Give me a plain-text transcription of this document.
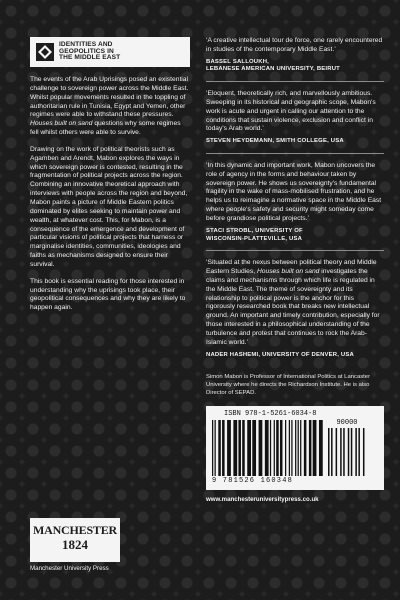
IDENTITIES AND
GEOPOLITICS IN
THE MIDDLE EAST

The events of the Arab Uprisings posed an existential challenge to sovereign power across the Middle East. Whilst popular movements resulted in the toppling of authoritarian rule in Tunisia, Egypt and Yemen, other regimes were able to withstand these pressures. Houses built on sand questions why some regimes fell whilst others were able to survive.

Drawing on the work of political theorists such as Agamben and Arendt, Mabon explores the ways in which sovereign power is contested, resulting in the fragmentation of political projects across the region. Combining an innovative theoretical approach with interviews with people across the region and beyond, Mabon paints a picture of Middle Eastern politics dominated by elites seeking to maintain power and wealth, at whatever cost. This, for Mabon, is a consequence of the emergence and development of particular visions of political projects that harness or marginalise identities, communities, ideologies and faiths as mechanisms designed to ensure their survival.

This book is essential reading for those interested in understanding why the uprisings took place, their geopolitical consequences and why they are likely to happen again.

MANCHESTER
1824
Manchester University Press

‘A creative intellectual tour de force, one rarely encountered in studies of the contemporary Middle East.’

BASSEL SALLOUKH,
LEBANESE AMERICAN UNIVERSITY, BEIRUT

‘Eloquent, theoretically rich, and marvellously ambitious. Sweeping in its historical and geographic scope, Mabon's work is acute and urgent in calling our attention to the conditions that sustain violence, exclusion and conflict in today's Arab world.’

STEVEN HEYDEMANN, SMITH COLLEGE, USA

‘In this dynamic and important work, Mabon uncovers the role of agency in the forms and behaviour taken by sovereign power. He shows us sovereignty's fundamental fragility in the wake of mass-mobilised frustration, and he helps us to reimagine a normative space in the Middle East where people's safety and security might someday come before grandiose political projects.’

STACI STROBL, UNIVERSITY OF
WISCONSIN-PLATTEVILLE, USA

‘Situated at the nexus between political theory and Middle Eastern Studies, Houses built on sand investigates the claims and mechanisms through which life is regulated in the Middle East. The theme of sovereignty and its relationship to political power is the anchor for this rigorously researched book that breaks new intellectual ground. An important and timely contribution, especially for those interested in a philosophical understanding of the turbulence and protest that continues to rock the Arab-Islamic world.’

NADER HASHEMI, UNIVERSITY OF DENVER, USA

Simon Mabon is Professor of International Politics at Lancaster University where he directs the Richardson Institute. He is also Director of SEPAD.

ISBN 978-1-5261-6034-8

90000

9 781526 160348

www.manchesteruniversitypress.co.uk
